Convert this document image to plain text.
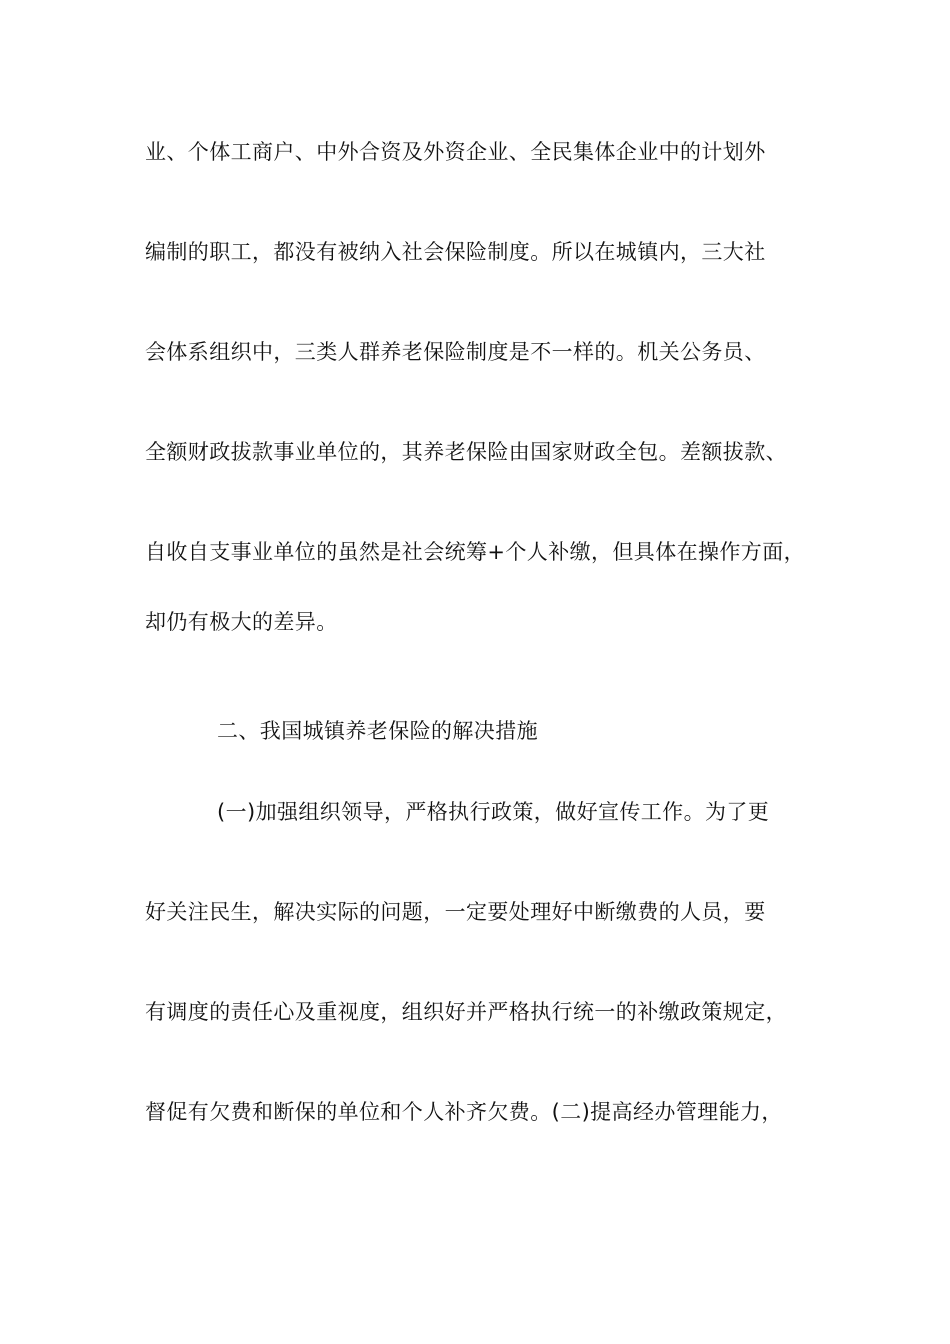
业、个体工商户、中外合资及外资企业、全民集体企业中的计划外
编制的职工，都没有被纳入社会保险制度。所以在城镇内，三大社
会体系组织中，三类人群养老保险制度是不一样的。机关公务员、
全额财政拔款事业单位的，其养老保险由国家财政全包。差额拔款、
自收自支事业单位的虽然是社会统筹+个人补缴，但具体在操作方面，
却仍有极大的差异。
二、我国城镇养老保险的解决措施
(一)加强组织领导，严格执行政策，做好宣传工作。为了更
好关注民生，解决实际的问题，一定要处理好中断缴费的人员，要
有调度的责任心及重视度，组织好并严格执行统一的补缴政策规定，
督促有欠费和断保的单位和个人补齐欠费。(二)提高经办管理能力，
